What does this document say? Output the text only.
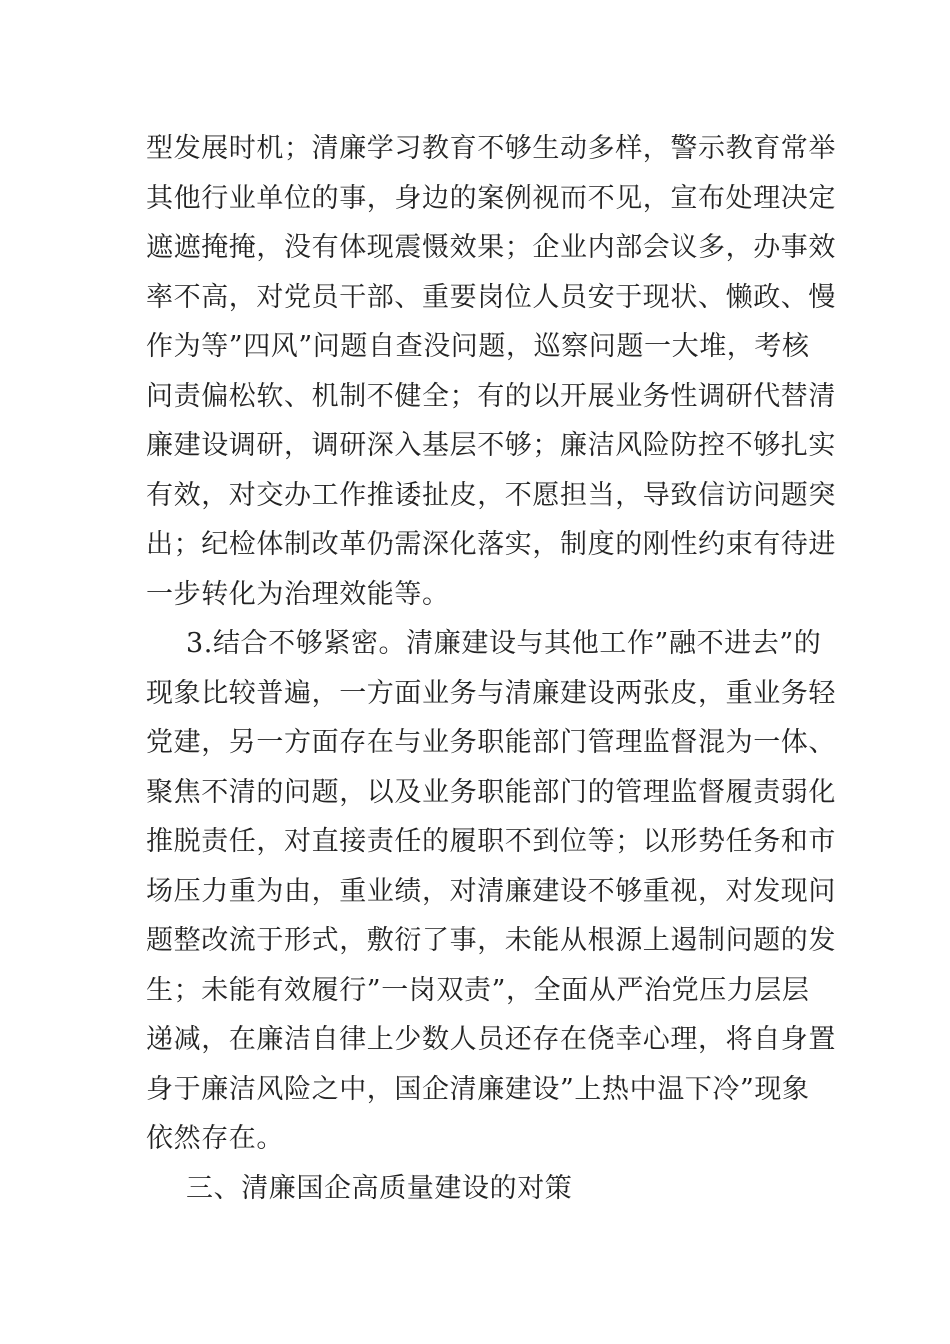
型发展时机；清廉学习教育不够生动多样，警示教育常举
其他行业单位的事，身边的案例视而不见，宣布处理决定
遮遮掩掩，没有体现震慑效果；企业内部会议多，办事效
率不高，对党员干部、重要岗位人员安于现状、懒政、慢
作为等”四风”问题自查没问题，巡察问题一大堆，考核
问责偏松软、机制不健全；有的以开展业务性调研代替清
廉建设调研，调研深入基层不够；廉洁风险防控不够扎实
有效，对交办工作推诿扯皮，不愿担当，导致信访问题突
出；纪检体制改革仍需深化落实，制度的刚性约束有待进
一步转化为治理效能等。
3.结合不够紧密。清廉建设与其他工作”融不进去”的
现象比较普遍，一方面业务与清廉建设两张皮，重业务轻
党建，另一方面存在与业务职能部门管理监督混为一体、
聚焦不清的问题，以及业务职能部门的管理监督履责弱化
推脱责任，对直接责任的履职不到位等；以形势任务和市
场压力重为由，重业绩，对清廉建设不够重视，对发现问
题整改流于形式，敷衍了事，未能从根源上遏制问题的发
生；未能有效履行”一岗双责”，全面从严治党压力层层
递减，在廉洁自律上少数人员还存在侥幸心理，将自身置
身于廉洁风险之中，国企清廉建设”上热中温下冷”现象
依然存在。
三、清廉国企高质量建设的对策
